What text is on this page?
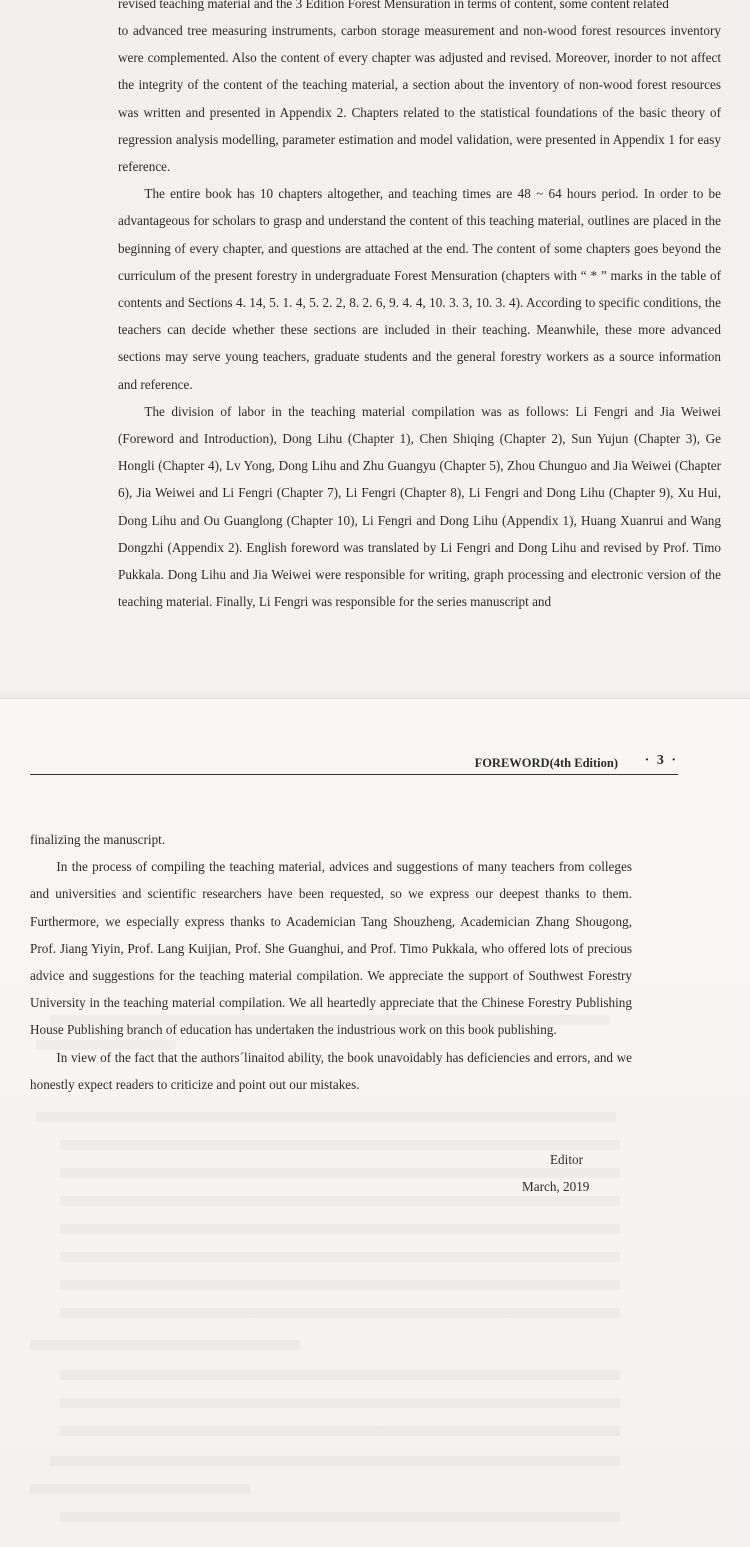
revised teaching material and the 3 Edition Forest Mensuration in terms of content, some content related

to advanced tree measuring instruments, carbon storage measurement and non-wood forest resources inventory were complemented. Also the content of every chapter was adjusted and revised. Moreover, inorder to not affect the integrity of the content of the teaching material, a section about the inventory of non-wood forest resources was written and presented in Appendix 2. Chapters related to the statistical foundations of the basic theory of regression analysis modelling, parameter estimation and model validation, were presented in Appendix 1 for easy reference.

The entire book has 10 chapters altogether, and teaching times are 48 ~ 64 hours period. In order to be advantageous for scholars to grasp and understand the content of this teaching material, outlines are placed in the beginning of every chapter, and questions are attached at the end. The content of some chapters goes beyond the curriculum of the present forestry in undergraduate Forest Mensuration (chapters with “ * ” marks in the table of contents and Sections 4. 14, 5. 1. 4, 5. 2. 2, 8. 2. 6, 9. 4. 4, 10. 3. 3, 10. 3. 4). According to specific conditions, the teachers can decide whether these sections are included in their teaching. Meanwhile, these more advanced sections may serve young teachers, graduate students and the general forestry workers as a source information and reference.

The division of labor in the teaching material compilation was as follows: Li Fengri and Jia Weiwei (Foreword and Introduction), Dong Lihu (Chapter 1), Chen Shiqing (Chapter 2), Sun Yujun (Chapter 3), Ge Hongli (Chapter 4), Lv Yong, Dong Lihu and Zhu Guangyu (Chapter 5), Zhou Chunguo and Jia Weiwei (Chapter 6), Jia Weiwei and Li Fengri (Chapter 7), Li Fengri (Chapter 8), Li Fengri and Dong Lihu (Chapter 9), Xu Hui, Dong Lihu and Ou Guanglong (Chapter 10), Li Fengri and Dong Lihu (Appendix 1), Huang Xuanrui and Wang Dongzhi (Appendix 2). English foreword was translated by Li Fengri and Dong Lihu and revised by Prof. Timo Pukkala. Dong Lihu and Jia Weiwei were responsible for writing, graph processing and electronic version of the teaching material. Finally, Li Fengri was responsible for the series manuscript and

FOREWORD(4th Edition) · 3 ·

finalizing the manuscript.

In the process of compiling the teaching material, advices and suggestions of many teachers from colleges and universities and scientific researchers have been requested, so we express our deepest thanks to them. Furthermore, we especially express thanks to Academician Tang Shouzheng, Academician Zhang Shougong, Prof. Jiang Yiyin, Prof. Lang Kuijian, Prof. She Guanghui, and Prof. Timo Pukkala, who offered lots of precious advice and suggestions for the teaching material compilation. We appreciate the support of Southwest Forestry University in the teaching material compilation. We all heartedly appreciate that the Chinese Forestry Publishing House Publishing branch of education has undertaken the industrious work on this book publishing.

In view of the fact that the authors´linaitod ability, the book unavoidably has deficiencies and errors, and we honestly expect readers to criticize and point out our mistakes.

Editor
March, 2019
